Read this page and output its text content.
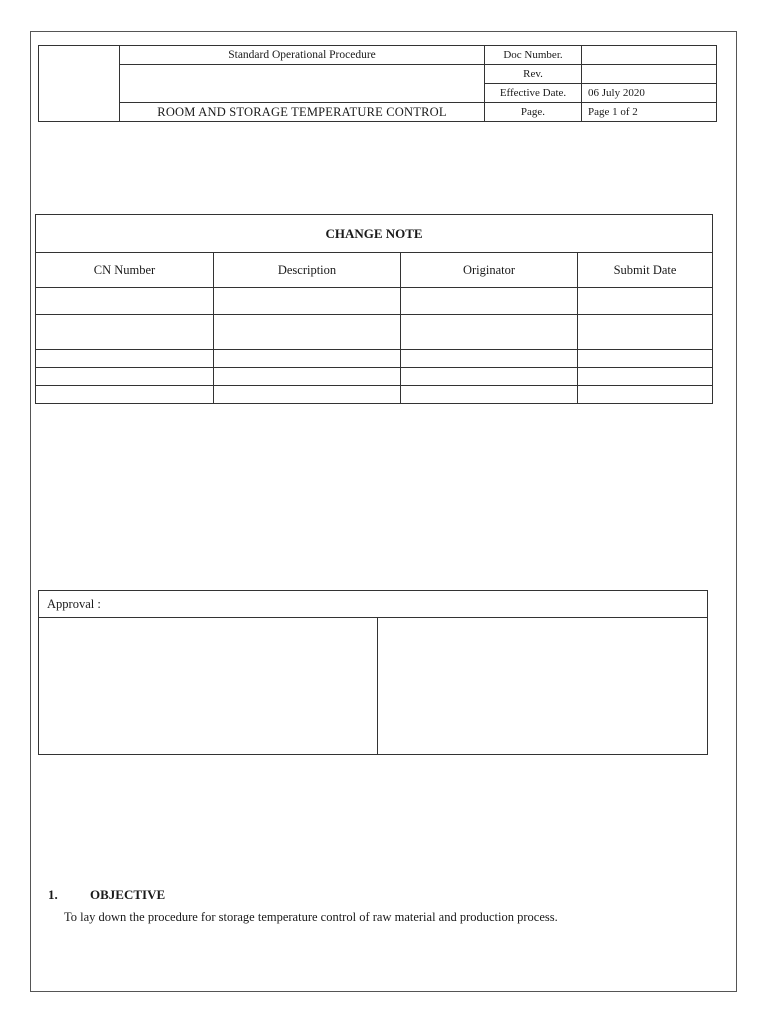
	Standard Operational Procedure	Doc Number.	
		Rev.	
		Effective Date.	06 July 2020
	ROOM AND STORAGE TEMPERATURE CONTROL	Page.	Page 1 of 2
CHANGE NOTE			
CN Number	Description	Originator	Submit Date

Approval :

1. OBJECTIVE
To lay down the procedure for storage temperature control of raw material and production process.
